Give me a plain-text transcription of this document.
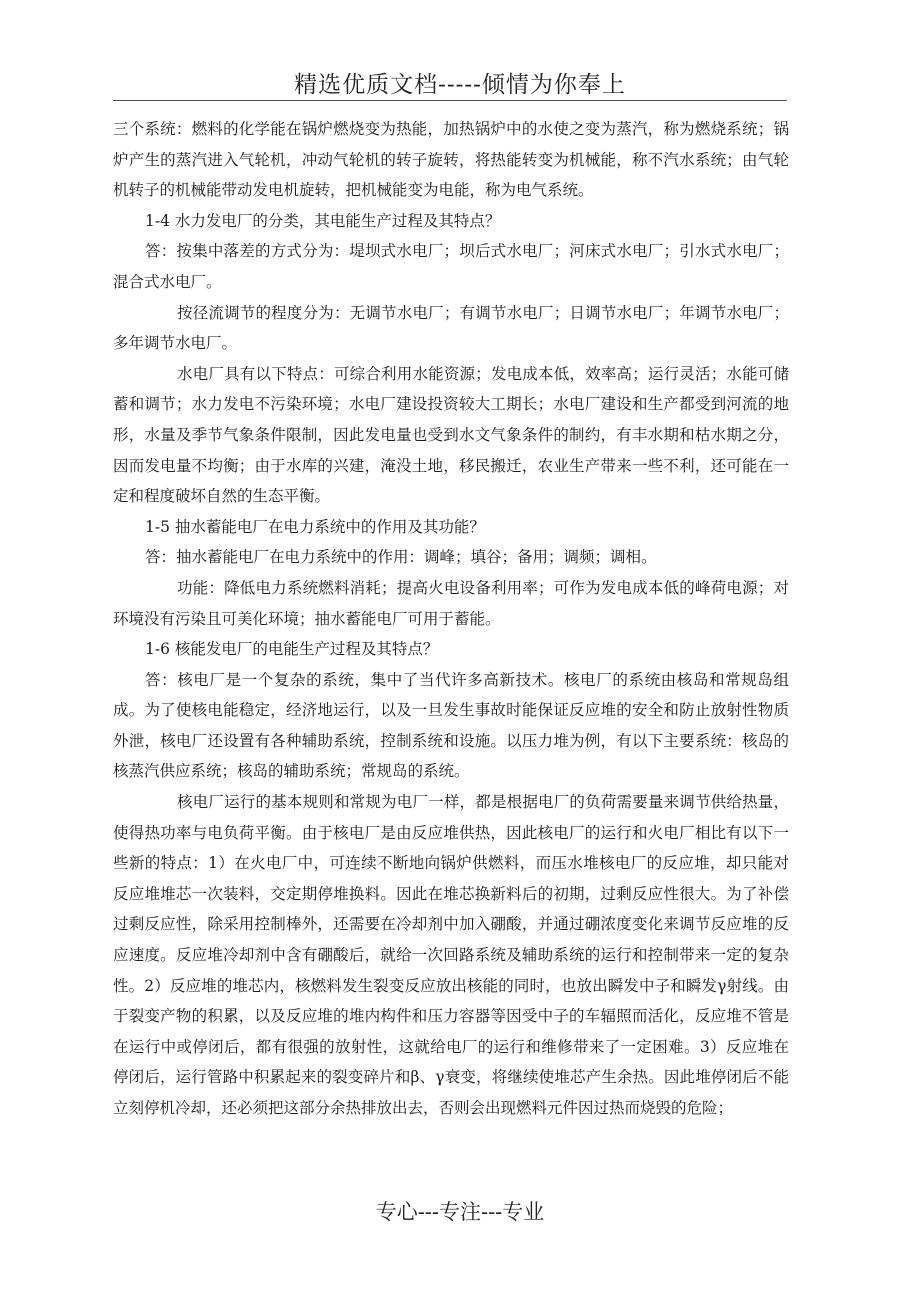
精选优质文档-----倾情为你奉上

三个系统：燃料的化学能在锅炉燃烧变为热能，加热锅炉中的水使之变为蒸汽，称为燃烧系统；锅炉产生的蒸汽进入气轮机，冲动气轮机的转子旋转，将热能转变为机械能，称不汽水系统；由气轮机转子的机械能带动发电机旋转，把机械能变为电能，称为电气系统。

1-4 水力发电厂的分类，其电能生产过程及其特点？

答：按集中落差的方式分为：堤坝式水电厂；坝后式水电厂；河床式水电厂；引水式水电厂；混合式水电厂。

按径流调节的程度分为：无调节水电厂；有调节水电厂；日调节水电厂；年调节水电厂；多年调节水电厂。

水电厂具有以下特点：可综合利用水能资源；发电成本低，效率高；运行灵活；水能可储蓄和调节；水力发电不污染环境；水电厂建设投资较大工期长；水电厂建设和生产都受到河流的地形，水量及季节气象条件限制，因此发电量也受到水文气象条件的制约，有丰水期和枯水期之分，因而发电量不均衡；由于水库的兴建，淹没土地，移民搬迁，农业生产带来一些不利，还可能在一定和程度破坏自然的生态平衡。

1-5 抽水蓄能电厂在电力系统中的作用及其功能？

答：抽水蓄能电厂在电力系统中的作用：调峰；填谷；备用；调频；调相。

功能：降低电力系统燃料消耗；提高火电设备利用率；可作为发电成本低的峰荷电源；对环境没有污染且可美化环境；抽水蓄能电厂可用于蓄能。

1-6 核能发电厂的电能生产过程及其特点？

答：核电厂是一个复杂的系统，集中了当代许多高新技术。核电厂的系统由核岛和常规岛组成。为了使核电能稳定，经济地运行，以及一旦发生事故时能保证反应堆的安全和防止放射性物质外泄，核电厂还设置有各种辅助系统，控制系统和设施。以压力堆为例，有以下主要系统：核岛的核蒸汽供应系统；核岛的辅助系统；常规岛的系统。

核电厂运行的基本规则和常规为电厂一样，都是根据电厂的负荷需要量来调节供给热量，使得热功率与电负荷平衡。由于核电厂是由反应堆供热，因此核电厂的运行和火电厂相比有以下一些新的特点：1）在火电厂中，可连续不断地向锅炉供燃料，而压水堆核电厂的反应堆，却只能对反应堆堆芯一次装料，交定期停堆换料。因此在堆芯换新料后的初期，过剩反应性很大。为了补偿过剩反应性，除采用控制棒外，还需要在冷却剂中加入硼酸，并通过硼浓度变化来调节反应堆的反应速度。反应堆冷却剂中含有硼酸后，就给一次回路系统及辅助系统的运行和控制带来一定的复杂性。2）反应堆的堆芯内，核燃料发生裂变反应放出核能的同时，也放出瞬发中子和瞬发γ射线。由于裂变产物的积累，以及反应堆的堆内构件和压力容器等因受中子的车辐照而活化，反应堆不管是在运行中或停闭后，都有很强的放射性，这就给电厂的运行和维修带来了一定困难。3）反应堆在停闭后，运行管路中积累起来的裂变碎片和β、γ衰变，将继续使堆芯产生余热。因此堆停闭后不能立刻停机冷却，还必须把这部分余热排放出去，否则会出现燃料元件因过热而烧毁的危险；

专心---专注---专业
